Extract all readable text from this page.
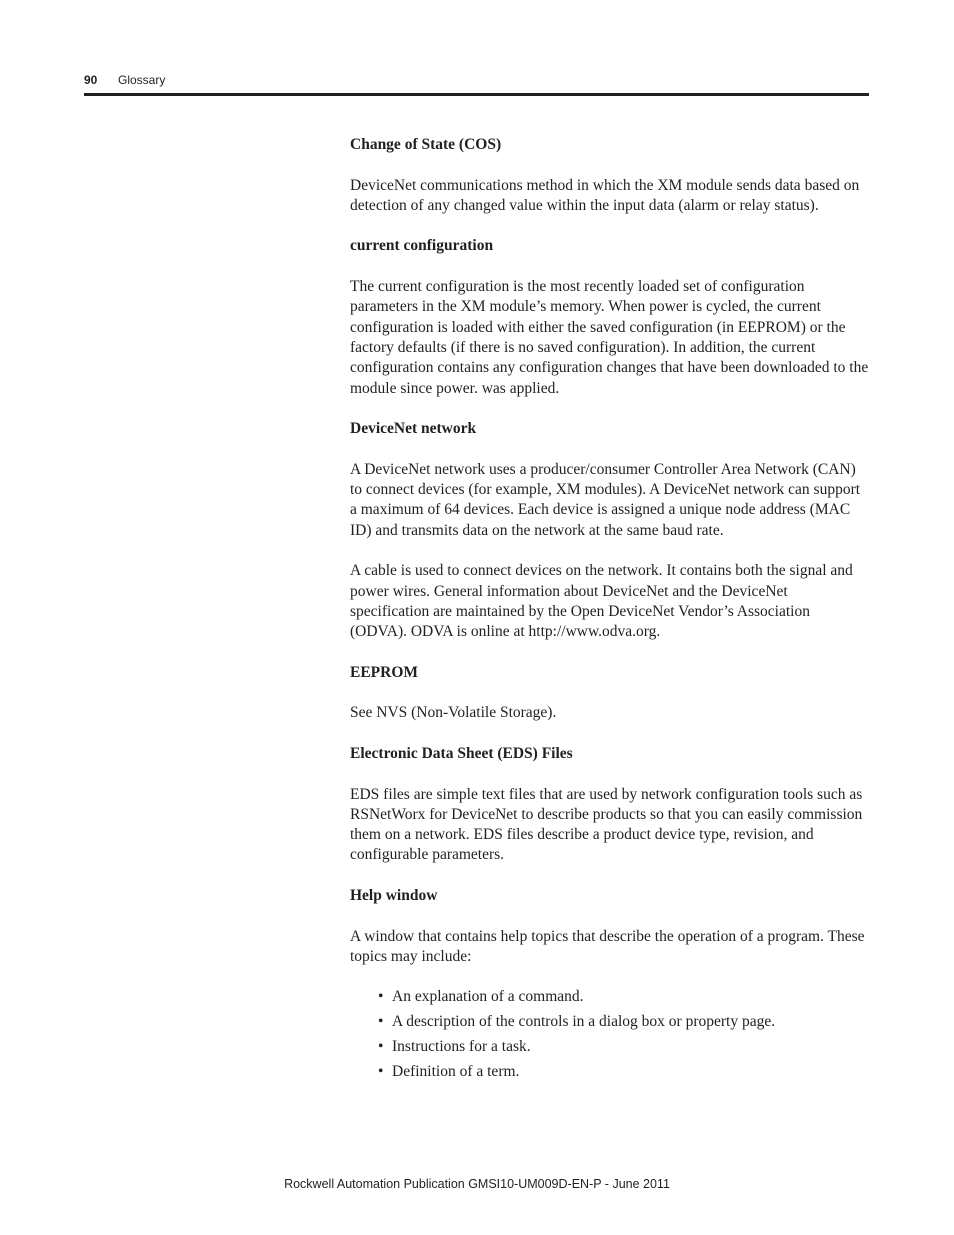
90 Glossary

Change of State (COS)

DeviceNet communications method in which the XM module sends data based on detection of any changed value within the input data (alarm or relay status).

current configuration

The current configuration is the most recently loaded set of configuration parameters in the XM module’s memory. When power is cycled, the current configuration is loaded with either the saved configuration (in EEPROM) or the factory defaults (if there is no saved configuration). In addition, the current configuration contains any configuration changes that have been downloaded to the module since power. was applied.

DeviceNet network

A DeviceNet network uses a producer/consumer Controller Area Network (CAN) to connect devices (for example, XM modules). A DeviceNet network can support a maximum of 64 devices. Each device is assigned a unique node address (MAC ID) and transmits data on the network at the same baud rate.

A cable is used to connect devices on the network. It contains both the signal and power wires. General information about DeviceNet and the DeviceNet specification are maintained by the Open DeviceNet Vendor’s Association (ODVA). ODVA is online at http://www.odva.org.

EEPROM

See NVS (Non-Volatile Storage).

Electronic Data Sheet (EDS) Files

EDS files are simple text files that are used by network configuration tools such as RSNetWorx for DeviceNet to describe products so that you can easily commission them on a network. EDS files describe a product device type, revision, and configurable parameters.

Help window

A window that contains help topics that describe the operation of a program. These topics may include:

• An explanation of a command.
• A description of the controls in a dialog box or property page.
• Instructions for a task.
• Definition of a term.
Rockwell Automation Publication GMSI10-UM009D-EN-P - June 2011
